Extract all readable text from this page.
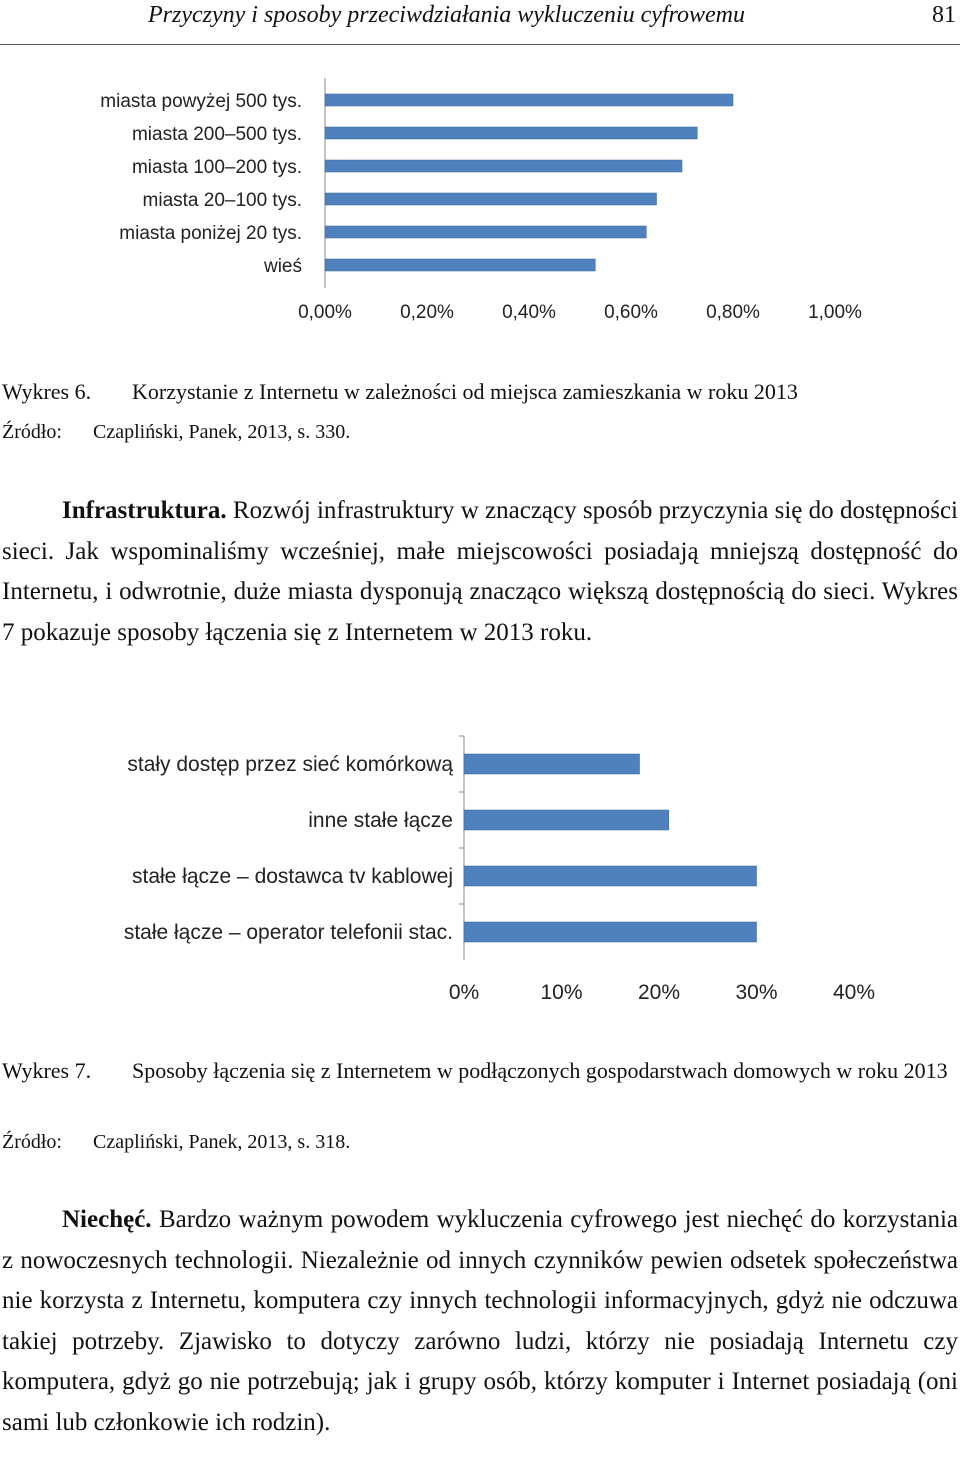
Przyczyny i sposoby przeciwdziałania wykluczeniu cyfrowemu	81
miasta powyżej 500 tys.
miasta 200–500 tys.
miasta 100–200 tys.
miasta 20–100 tys.
miasta poniżej 20 tys.
wieś
0,00%	0,20%	0,40%	0,60%	0,80%	1,00%
Wykres 6. Korzystanie z Internetu w zależności od miejsca zamieszkania w roku 2013
Źródło: Czapliński, Panek, 2013, s. 330.

Infrastruktura. Rozwój infrastruktury w znaczący sposób przyczynia się do dostępności sieci. Jak wspominaliśmy wcześniej, małe miejscowości posiadają mniejszą dostępność do Internetu, i odwrotnie, duże miasta dysponują znacząco większą dostępnością do sieci. Wykres 7 pokazuje sposoby łączenia się z Internetem w 2013 roku.

stały dostęp przez sieć komórkową
inne stałe łącze
stałe łącze – dostawca tv kablowej
stałe łącze – operator telefonii stac.
0%	10%	20%	30%	40%
Wykres 7. Sposoby łączenia się z Internetem w podłączonych gospodarstwach domowych w roku 2013
Źródło: Czapliński, Panek, 2013, s. 318.

Niechęć. Bardzo ważnym powodem wykluczenia cyfrowego jest niechęć do korzystania z nowoczesnych technologii. Niezależnie od innych czynników pewien odsetek społeczeństwa nie korzysta z Internetu, komputera czy innych technologii informacyjnych, gdyż nie odczuwa takiej potrzeby. Zjawisko to dotyczy zarówno ludzi, którzy nie posiadają Internetu czy komputera, gdyż go nie potrzebują; jak i grupy osób, którzy komputer i Internet posiadają (oni sami lub członkowie ich rodzin).
